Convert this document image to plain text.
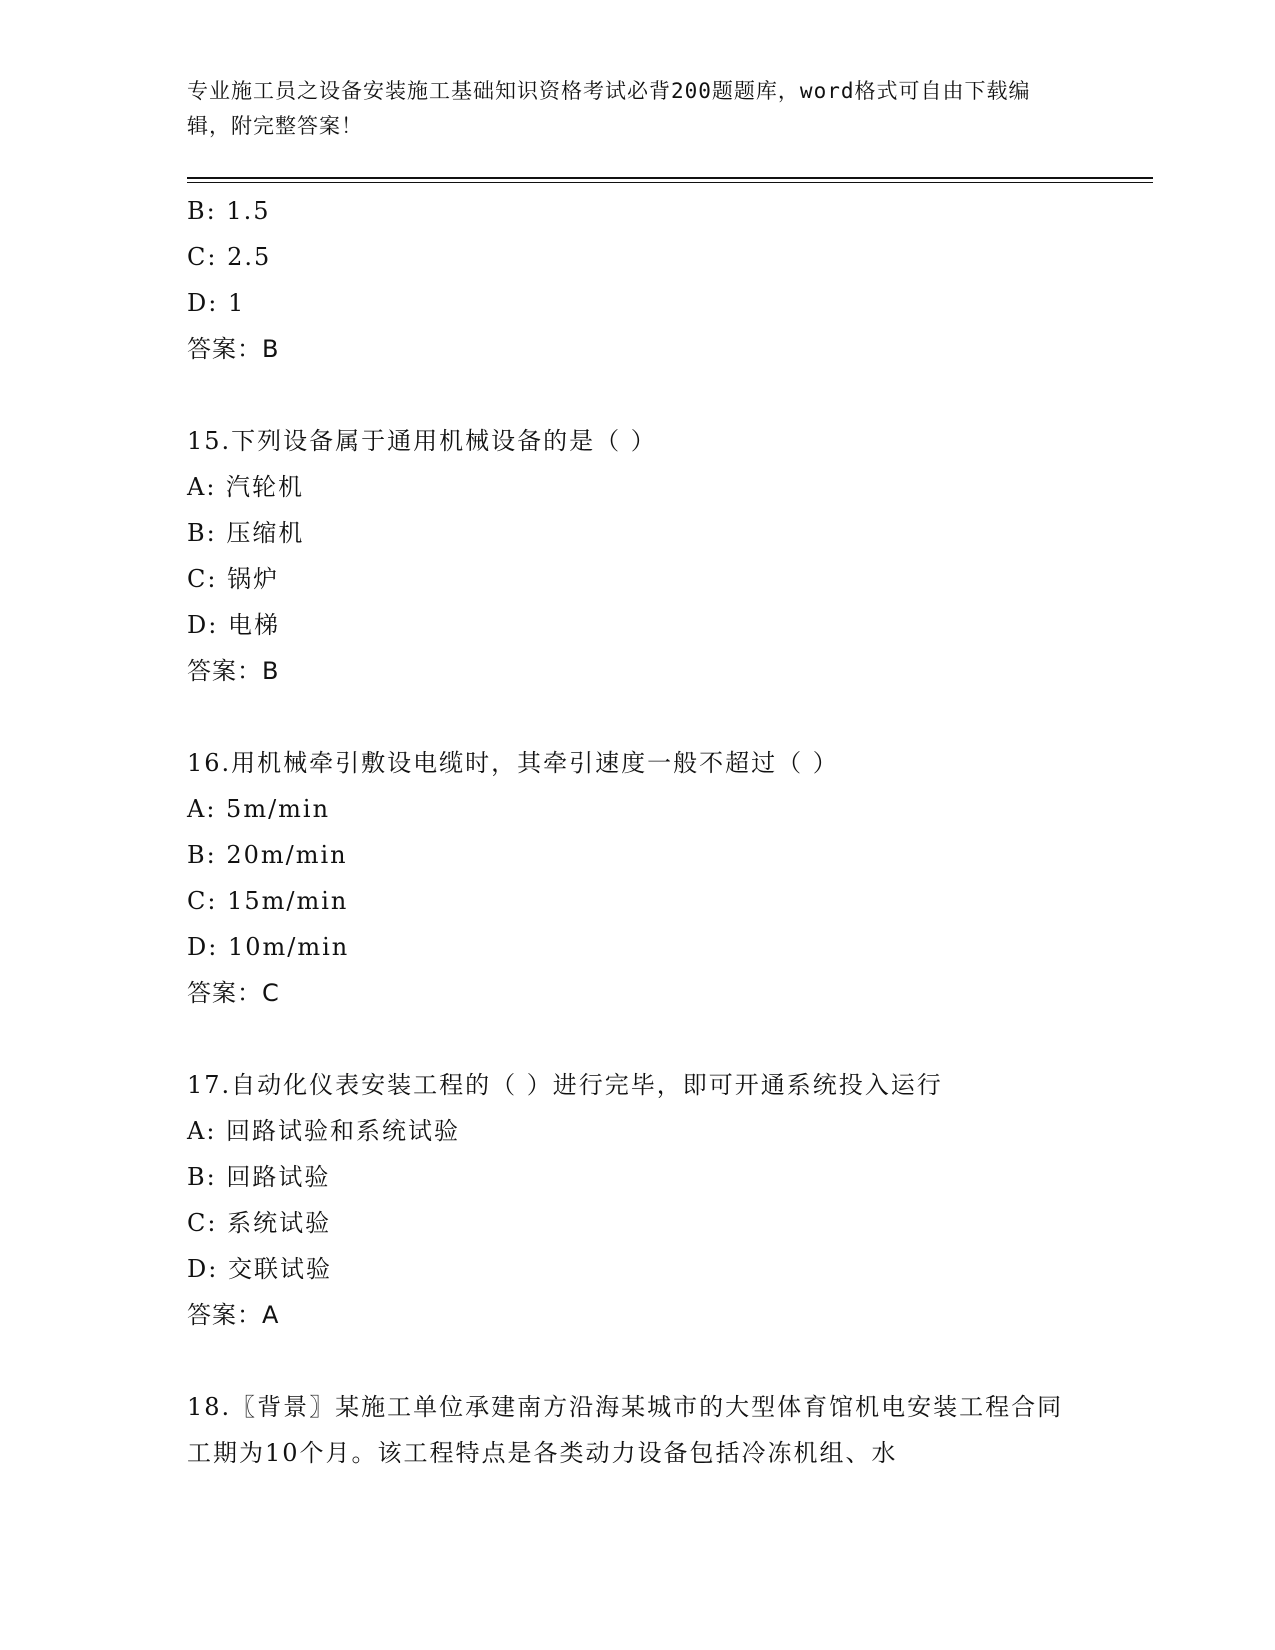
专业施工员之设备安装施工基础知识资格考试必背200题题库，word格式可自由下载编辑，附完整答案！
B: 1.5
C: 2.5
D: 1
答案：B
15.下列设备属于通用机械设备的是（ ）
A: 汽轮机
B: 压缩机
C: 锅炉
D: 电梯
答案：B
16.用机械牵引敷设电缆时，其牵引速度一般不超过（ ）
A: 5m/min
B: 20m/min
C: 15m/min
D: 10m/min
答案：C
17.自动化仪表安装工程的（ ）进行完毕，即可开通系统投入运行
A: 回路试验和系统试验
B: 回路试验
C: 系统试验
D: 交联试验
答案：A
18.〖背景〗某施工单位承建南方沿海某城市的大型体育馆机电安装工程合同工期为10个月。该工程特点是各类动力设备包括冷冻机组、水
